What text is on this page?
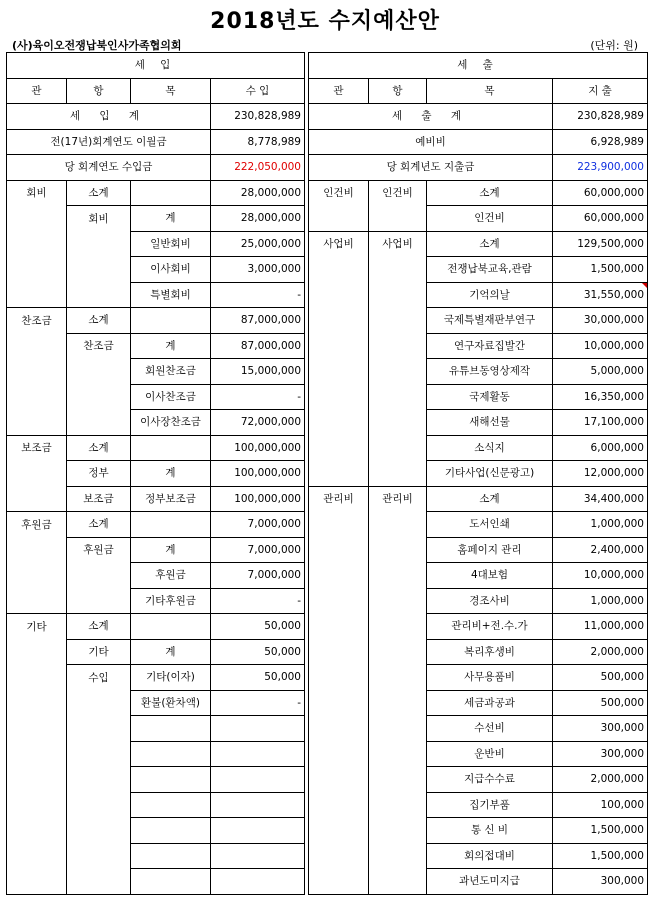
2018년도 수지예산안
(사)육이오전쟁납북인사가족협의회	(단위: 원)
세 입			
관	항	목	수 입
세 입 계			230,828,989
전(17년)회계연도 이월금			8,778,989
당 회계연도 수입금			222,050,000
회비	소계		28,000,000
	회비	계	28,000,000
		일반회비	25,000,000
		이사회비	3,000,000
		특별회비	-
찬조금	소계		87,000,000
	찬조금	계	87,000,000
		회원찬조금	15,000,000
		이사찬조금	-
		이사장찬조금	72,000,000
보조금	소계		100,000,000
	정부	계	100,000,000
	보조금	정부보조금	100,000,000
후원금	소계		7,000,000
	후원금	계	7,000,000
		후원금	7,000,000
		기타후원금	-
기타	소계		50,000
	기타	계	50,000
	수입	기타(이자)	50,000
		환불(환차액)	-

세 출			
관	항	목	지 출
세 출 계			230,828,989
예비비			6,928,989
당 회계년도 지출금			223,900,000
인건비	인건비	소계	60,000,000
		인건비	60,000,000
사업비	사업비	소계	129,500,000
		전쟁납북교육,관람	1,500,000
		기억의날	31,550,000

		국제특별재판부연구	30,000,000
		연구자료집발간	10,000,000
		유튜브동영상제작	5,000,000
		국제활동	16,350,000
		새해선물	17,100,000
		소식지	6,000,000
		기타사업(신문광고)	12,000,000
관리비	관리비	소계	34,400,000
		도서인쇄	1,000,000
		홈페이지 관리	2,400,000
		4대보험	10,000,000
		경조사비	1,000,000
		관리비+전.수.가	11,000,000
		복리후생비	2,000,000
		사무용품비	500,000
		세금과공과	500,000
		수선비	300,000
		운반비	300,000
		지급수수료	2,000,000
		집기부품	100,000
		통 신 비	1,500,000
		회의접대비	1,500,000
		과년도미지급	300,000
